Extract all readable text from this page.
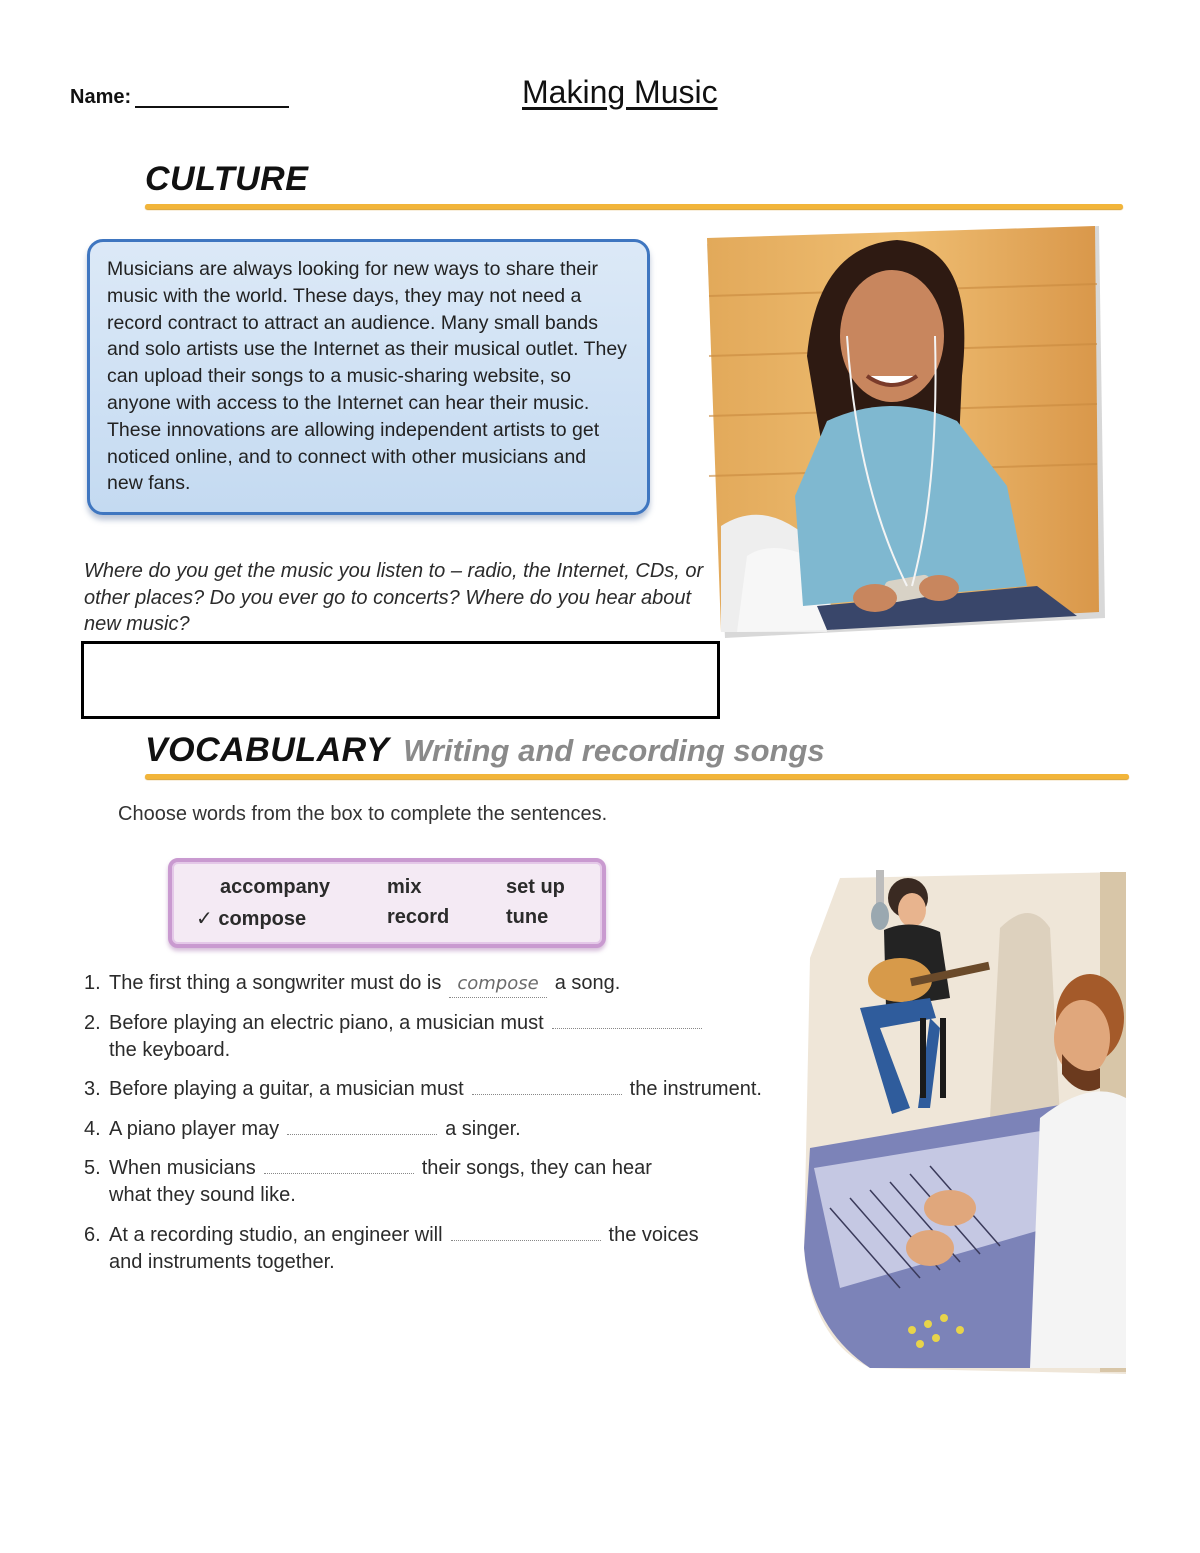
Name:	Making Music
CULTURE

Musicians are always looking for new ways to share their music with the world. These days, they may not need a record contract to attract an audience. Many small bands and solo artists use the Internet as their musical outlet. They can upload their songs to a music-sharing website, so anyone with access to the Internet can hear their music. These innovations are allowing independent artists to get noticed online, and to connect with other musicians and new fans.

Where do you get the music you listen to – radio, the Internet, CDs, or other places? Do you ever go to concerts? Where do you hear about new music?

VOCABULARY Writing and recording songs
Choose words from the box to complete the sentences.
accompany	mix	set up
✓ compose	record	tune
1. The first thing a songwriter must do is compose a song.
2. Before playing an electric piano, a musician must
the keyboard.
3. Before playing a guitar, a musician must	the instrument.
4. A piano player may	a singer.
5. When musicians	their songs, they can hear
what they sound like.
6. At a recording studio, an engineer will	the voices
and instruments together.
